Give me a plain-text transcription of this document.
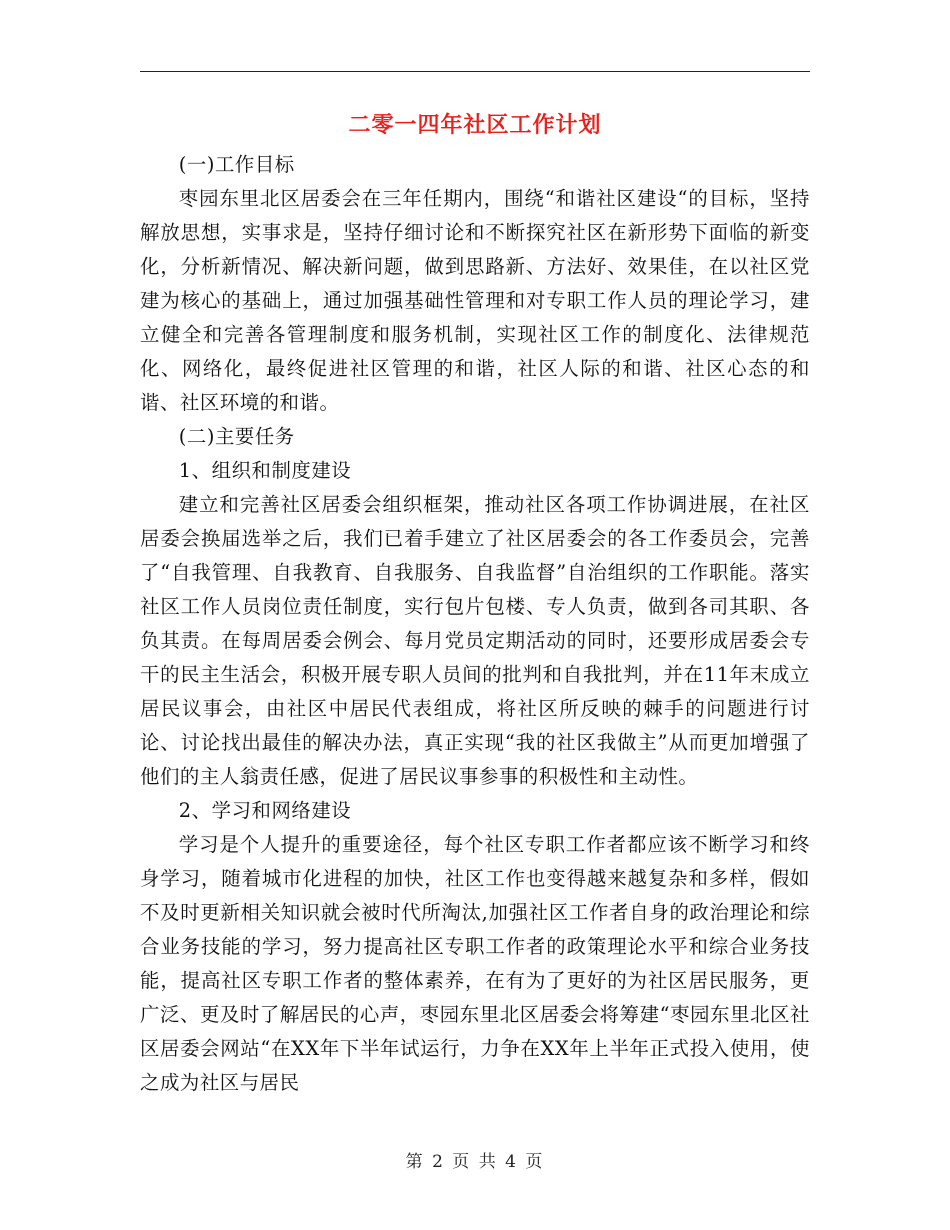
二零一四年社区工作计划

(一)工作目标

枣园东里北区居委会在三年任期内，围绕“和谐社区建设“的目标，坚持解放思想，实事求是，坚持仔细讨论和不断探究社区在新形势下面临的新变化，分析新情况、解决新问题，做到思路新、方法好、效果佳，在以社区党建为核心的基础上，通过加强基础性管理和对专职工作人员的理论学习，建立健全和完善各管理制度和服务机制，实现社区工作的制度化、法律规范化、网络化，最终促进社区管理的和谐，社区人际的和谐、社区心态的和谐、社区环境的和谐。

(二)主要任务

1、组织和制度建设

建立和完善社区居委会组织框架，推动社区各项工作协调进展，在社区居委会换届选举之后，我们已着手建立了社区居委会的各工作委员会，完善了“自我管理、自我教育、自我服务、自我监督”自治组织的工作职能。落实社区工作人员岗位责任制度，实行包片包楼、专人负责，做到各司其职、各负其责。在每周居委会例会、每月党员定期活动的同时，还要形成居委会专干的民主生活会，积极开展专职人员间的批判和自我批判，并在11年末成立居民议事会，由社区中居民代表组成，将社区所反映的棘手的问题进行讨论、讨论找出最佳的解决办法，真正实现“我的社区我做主”从而更加增强了他们的主人翁责任感，促进了居民议事参事的积极性和主动性。

2、学习和网络建设

学习是个人提升的重要途径，每个社区专职工作者都应该不断学习和终身学习，随着城市化进程的加快，社区工作也变得越来越复杂和多样，假如不及时更新相关知识就会被时代所淘汰,加强社区工作者自身的政治理论和综合业务技能的学习，努力提高社区专职工作者的政策理论水平和综合业务技能，提高社区专职工作者的整体素养，在有为了更好的为社区居民服务，更广泛、更及时了解居民的心声，枣园东里北区居委会将筹建“枣园东里北区社区居委会网站“在XX年下半年试运行，力争在XX年上半年正式投入使用，使之成为社区与居民

第 2 页 共 4 页
